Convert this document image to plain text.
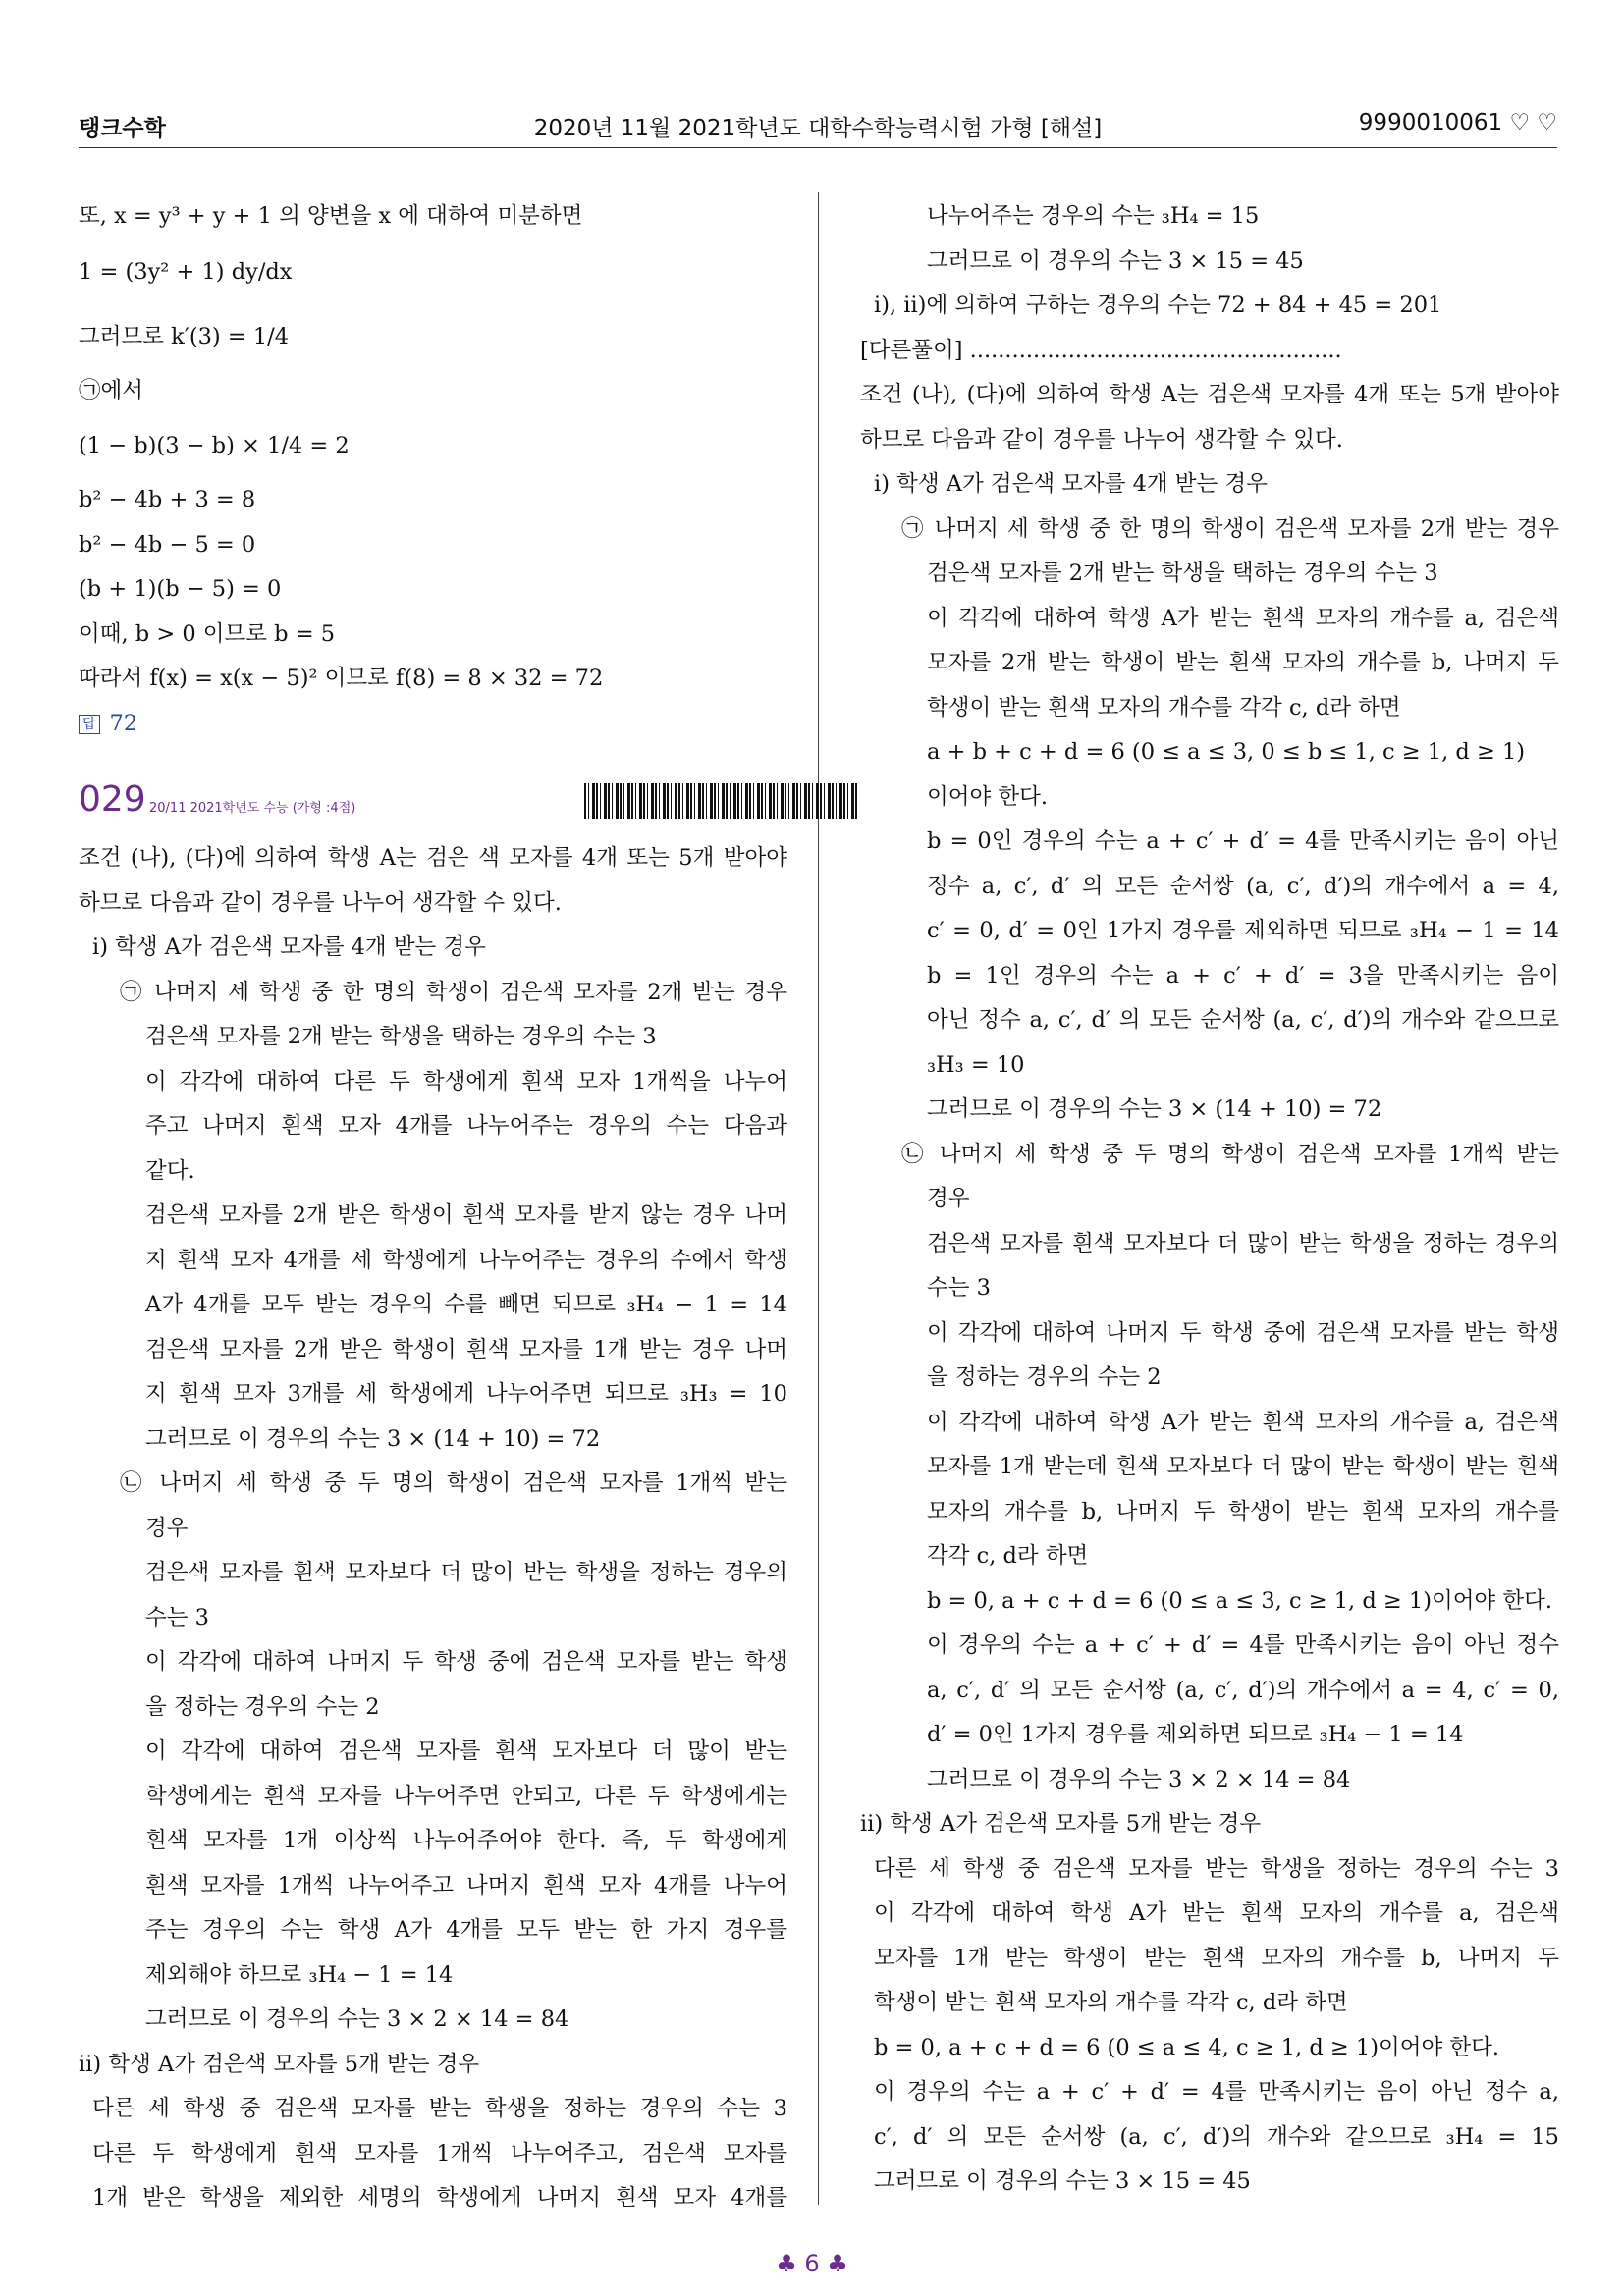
탱크수학	2020년 11월 2021학년도 대학수학능력시험 가형 [해설]	9990010061 ♡ ♡
또, x = y³ + y + 1 의 양변을 x 에 대하여 미분하면
1 = (3y² + 1) dy/dx
그러므로 k′(3) = 1/4
㉠에서
(1 − b)(3 − b) × 1/4 = 2
b² − 4b + 3 = 8
b² − 4b − 5 = 0
(b + 1)(b − 5) = 0
이때, b > 0 이므로 b = 5
따라서 f(x) = x(x − 5)² 이므로 f(8) = 8 × 32 = 72
답 72
029 20/11 2021학년도 수능 (가형 :4점)
조건 (나), (다)에 의하여 학생 A는 검은 색 모자를 4개 또는 5개 받아야
하므로 다음과 같이 경우를 나누어 생각할 수 있다.
ⅰ) 학생 A가 검은색 모자를 4개 받는 경우
㉠ 나머지 세 학생 중 한 명의 학생이 검은색 모자를 2개 받는 경우
검은색 모자를 2개 받는 학생을 택하는 경우의 수는 3
이 각각에 대하여 다른 두 학생에게 흰색 모자 1개씩을 나누어
주고 나머지 흰색 모자 4개를 나누어주는 경우의 수는 다음과
같다.
검은색 모자를 2개 받은 학생이 흰색 모자를 받지 않는 경우 나머
지 흰색 모자 4개를 세 학생에게 나누어주는 경우의 수에서 학생
A가 4개를 모두 받는 경우의 수를 빼면 되므로 ₃H₄ − 1 = 14
검은색 모자를 2개 받은 학생이 흰색 모자를 1개 받는 경우 나머
지 흰색 모자 3개를 세 학생에게 나누어주면 되므로 ₃H₃ = 10
그러므로 이 경우의 수는 3 × (14 + 10) = 72
㉡ 나머지 세 학생 중 두 명의 학생이 검은색 모자를 1개씩 받는
경우
검은색 모자를 흰색 모자보다 더 많이 받는 학생을 정하는 경우의
수는 3
이 각각에 대하여 나머지 두 학생 중에 검은색 모자를 받는 학생
을 정하는 경우의 수는 2
이 각각에 대하여 검은색 모자를 흰색 모자보다 더 많이 받는
학생에게는 흰색 모자를 나누어주면 안되고, 다른 두 학생에게는
흰색 모자를 1개 이상씩 나누어주어야 한다. 즉, 두 학생에게
흰색 모자를 1개씩 나누어주고 나머지 흰색 모자 4개를 나누어
주는 경우의 수는 학생 A가 4개를 모두 받는 한 가지 경우를
제외해야 하므로 ₃H₄ − 1 = 14
그러므로 이 경우의 수는 3 × 2 × 14 = 84
ⅱ) 학생 A가 검은색 모자를 5개 받는 경우
다른 세 학생 중 검은색 모자를 받는 학생을 정하는 경우의 수는 3
다른 두 학생에게 흰색 모자를 1개씩 나누어주고, 검은색 모자를
1개 받은 학생을 제외한 세명의 학생에게 나머지 흰색 모자 4개를
나누어주는 경우의 수는 ₃H₄ = 15
그러므로 이 경우의 수는 3 × 15 = 45
ⅰ), ⅱ)에 의하여 구하는 경우의 수는 72 + 84 + 45 = 201
[다른풀이] .....................................................
조건 (나), (다)에 의하여 학생 A는 검은색 모자를 4개 또는 5개 받아야
하므로 다음과 같이 경우를 나누어 생각할 수 있다.
ⅰ) 학생 A가 검은색 모자를 4개 받는 경우
㉠ 나머지 세 학생 중 한 명의 학생이 검은색 모자를 2개 받는 경우
검은색 모자를 2개 받는 학생을 택하는 경우의 수는 3
이 각각에 대하여 학생 A가 받는 흰색 모자의 개수를 a, 검은색
모자를 2개 받는 학생이 받는 흰색 모자의 개수를 b, 나머지 두
학생이 받는 흰색 모자의 개수를 각각 c, d라 하면
a + b + c + d = 6 (0 ≤ a ≤ 3, 0 ≤ b ≤ 1, c ≥ 1, d ≥ 1)
이어야 한다.
b = 0인 경우의 수는 a + c′ + d′ = 4를 만족시키는 음이 아닌
정수 a, c′, d′ 의 모든 순서쌍 (a, c′, d′)의 개수에서 a = 4,
c′ = 0, d′ = 0인 1가지 경우를 제외하면 되므로 ₃H₄ − 1 = 14
b = 1인 경우의 수는 a + c′ + d′ = 3을 만족시키는 음이
아닌 정수 a, c′, d′ 의 모든 순서쌍 (a, c′, d′)의 개수와 같으므로
₃H₃ = 10
그러므로 이 경우의 수는 3 × (14 + 10) = 72
㉡ 나머지 세 학생 중 두 명의 학생이 검은색 모자를 1개씩 받는
경우
검은색 모자를 흰색 모자보다 더 많이 받는 학생을 정하는 경우의
수는 3
이 각각에 대하여 나머지 두 학생 중에 검은색 모자를 받는 학생
을 정하는 경우의 수는 2
이 각각에 대하여 학생 A가 받는 흰색 모자의 개수를 a, 검은색
모자를 1개 받는데 흰색 모자보다 더 많이 받는 학생이 받는 흰색
모자의 개수를 b, 나머지 두 학생이 받는 흰색 모자의 개수를
각각 c, d라 하면
b = 0, a + c + d = 6 (0 ≤ a ≤ 3, c ≥ 1, d ≥ 1)이어야 한다.
이 경우의 수는 a + c′ + d′ = 4를 만족시키는 음이 아닌 정수
a, c′, d′ 의 모든 순서쌍 (a, c′, d′)의 개수에서 a = 4, c′ = 0,
d′ = 0인 1가지 경우를 제외하면 되므로 ₃H₄ − 1 = 14
그러므로 이 경우의 수는 3 × 2 × 14 = 84
ⅱ) 학생 A가 검은색 모자를 5개 받는 경우
다른 세 학생 중 검은색 모자를 받는 학생을 정하는 경우의 수는 3
이 각각에 대하여 학생 A가 받는 흰색 모자의 개수를 a, 검은색
모자를 1개 받는 학생이 받는 흰색 모자의 개수를 b, 나머지 두
학생이 받는 흰색 모자의 개수를 각각 c, d라 하면
b = 0, a + c + d = 6 (0 ≤ a ≤ 4, c ≥ 1, d ≥ 1)이어야 한다.
이 경우의 수는 a + c′ + d′ = 4를 만족시키는 음이 아닌 정수 a,
c′, d′ 의 모든 순서쌍 (a, c′, d′)의 개수와 같으므로 ₃H₄ = 15
그러므로 이 경우의 수는 3 × 15 = 45
♣ 6 ♣
